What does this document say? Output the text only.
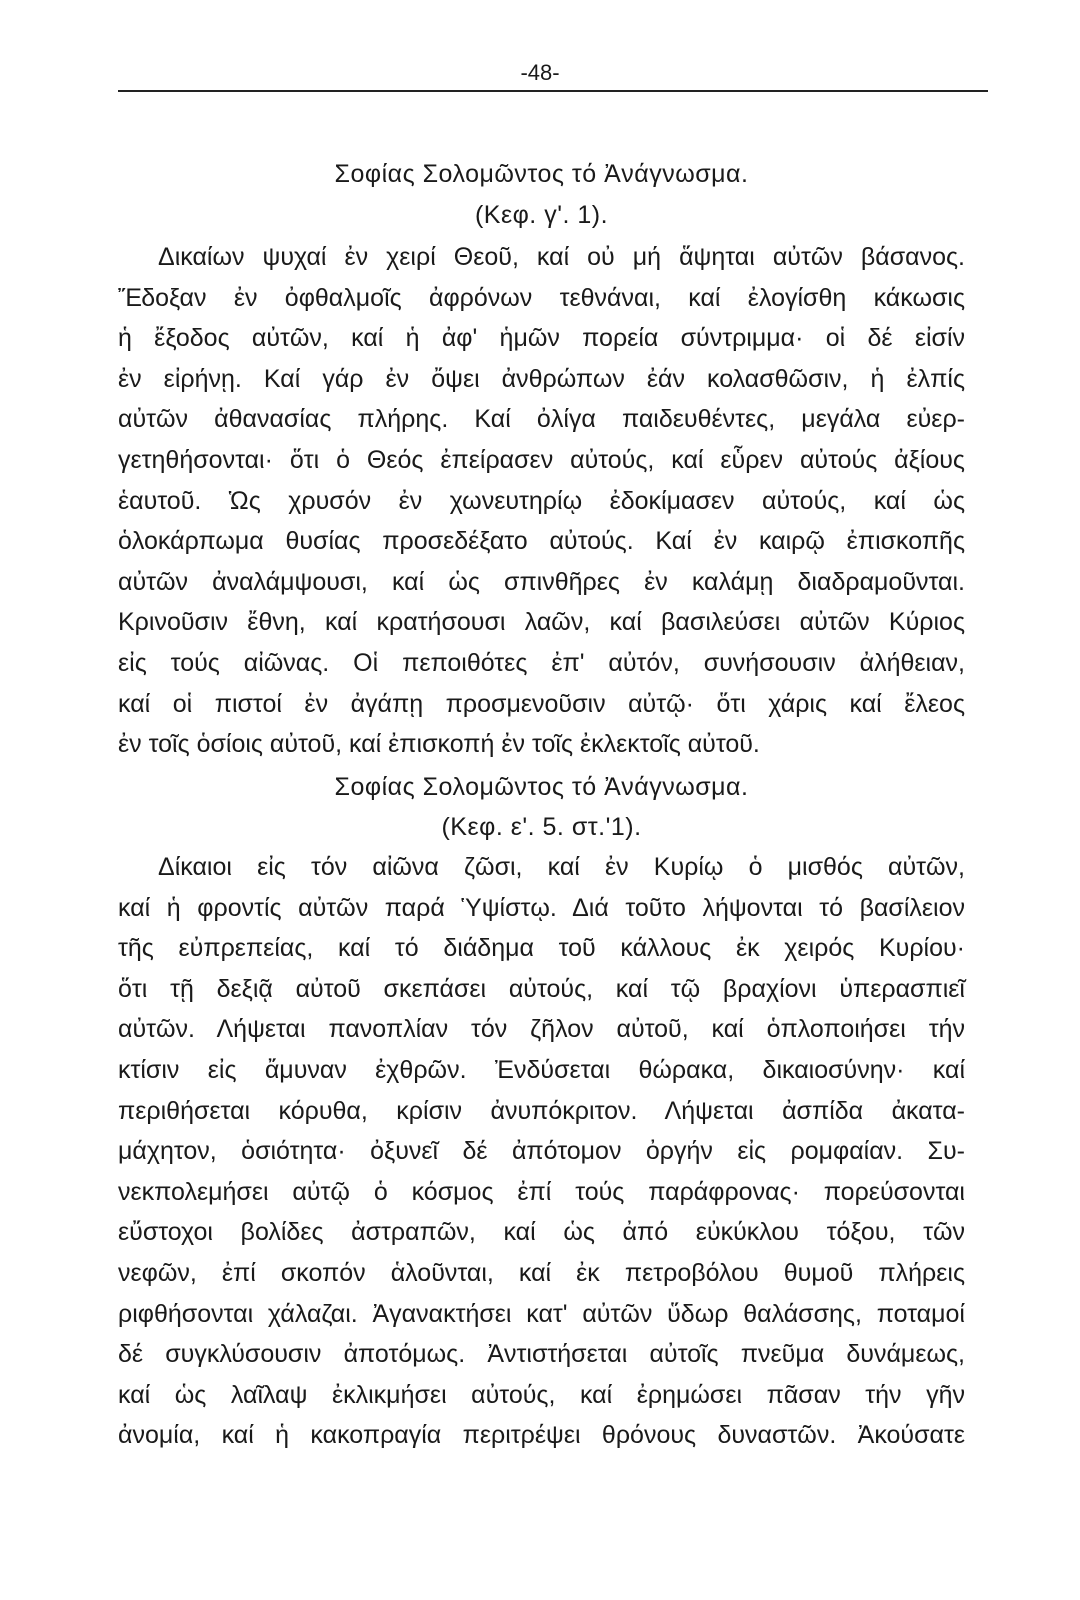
-48-
Σοφίας Σολομῶντος τό Ἀνάγνωσμα.
(Κεφ. γ'. 1).
Δικαίων ψυχαί ἐν χειρί Θεοῦ, καί οὐ μή ἅψηται αὐτῶν βάσανος.
Ἔδοξαν ἐν ὀφθαλμοῖς ἀφρόνων τεθνάναι, καί ἐλογίσθη κάκωσις
ἡ ἔξοδος αὐτῶν, καί ἡ ἀφ' ἡμῶν πορεία σύντριμμα· οἱ δέ εἰσίν
ἐν εἰρήνῃ. Καί γάρ ἐν ὄψει ἀνθρώπων ἐάν κολασθῶσιν, ἡ ἐλπίς
αὐτῶν ἀθανασίας πλήρης. Καί ὀλίγα παιδευθέντες, μεγάλα εὐερ-
γετηθήσονται· ὅτι ὁ Θεός ἐπείρασεν αὐτούς, καί εὗρεν αὐτούς ἀξίους
ἑαυτοῦ. Ὡς χρυσόν ἐν χωνευτηρίῳ ἐδοκίμασεν αὐτούς, καί ὡς
ὁλοκάρπωμα θυσίας προσεδέξατο αὐτούς. Καί ἐν καιρῷ ἐπισκοπῆς
αὐτῶν ἀναλάμψουσι, καί ὡς σπινθῆρες ἐν καλάμῃ διαδραμοῦνται.
Κρινοῦσιν ἔθνη, καί κρατήσουσι λαῶν, καί βασιλεύσει αὐτῶν Κύριος
εἰς τούς αἰῶνας. Οἱ πεποιθότες ἐπ' αὐτόν, συνήσουσιν ἀλήθειαν,
καί οἱ πιστοί ἐν ἀγάπῃ προσμενοῦσιν αὐτῷ· ὅτι χάρις καί ἔλεος
ἐν τοῖς ὁσίοις αὐτοῦ, καί ἐπισκοπή ἐν τοῖς ἐκλεκτοῖς αὐτοῦ.
Σοφίας Σολομῶντος τό Ἀνάγνωσμα.
(Κεφ. ε'. 5. στ.'1).
Δίκαιοι εἰς τόν αἰῶνα ζῶσι, καί ἐν Κυρίῳ ὁ μισθός αὐτῶν,
καί ἡ φροντίς αὐτῶν παρά Ὑψίστῳ. Διά τοῦτο λήψονται τό βασίλειον
τῆς εὐπρεπείας, καί τό διάδημα τοῦ κάλλους ἐκ χειρός Κυρίου·
ὅτι τῇ δεξιᾷ αὐτοῦ σκεπάσει αὐτούς, καί τῷ βραχίονι ὑπερασπιεῖ
αὐτῶν. Λήψεται πανοπλίαν τόν ζῆλον αὐτοῦ, καί ὁπλοποιήσει τήν
κτίσιν εἰς ἄμυναν ἐχθρῶν. Ἐνδύσεται θώρακα, δικαιοσύνην· καί
περιθήσεται κόρυθα, κρίσιν ἀνυπόκριτον. Λήψεται ἀσπίδα ἀκατα-
μάχητον, ὁσιότητα· ὀξυνεῖ δέ ἀπότομον ὀργήν εἰς ρομφαίαν. Συ-
νεκπολεμήσει αὐτῷ ὁ κόσμος ἐπί τούς παράφρονας· πορεύσονται
εὔστοχοι βολίδες ἀστραπῶν, καί ὡς ἀπό εὐκύκλου τόξου, τῶν
νεφῶν, ἐπί σκοπόν ἁλοῦνται, καί ἐκ πετροβόλου θυμοῦ πλήρεις
ριφθήσονται χάλαζαι. Ἀγανακτήσει κατ' αὐτῶν ὕδωρ θαλάσσης, ποταμοί
δέ συγκλύσουσιν ἀποτόμως. Ἀντιστήσεται αὐτοῖς πνεῦμα δυνάμεως,
καί ὡς λαῖλαψ ἐκλικμήσει αὐτούς, καί ἐρημώσει πᾶσαν τήν γῆν
ἀνομία, καί ἡ κακοπραγία περιτρέψει θρόνους δυναστῶν. Ἀκούσατε
